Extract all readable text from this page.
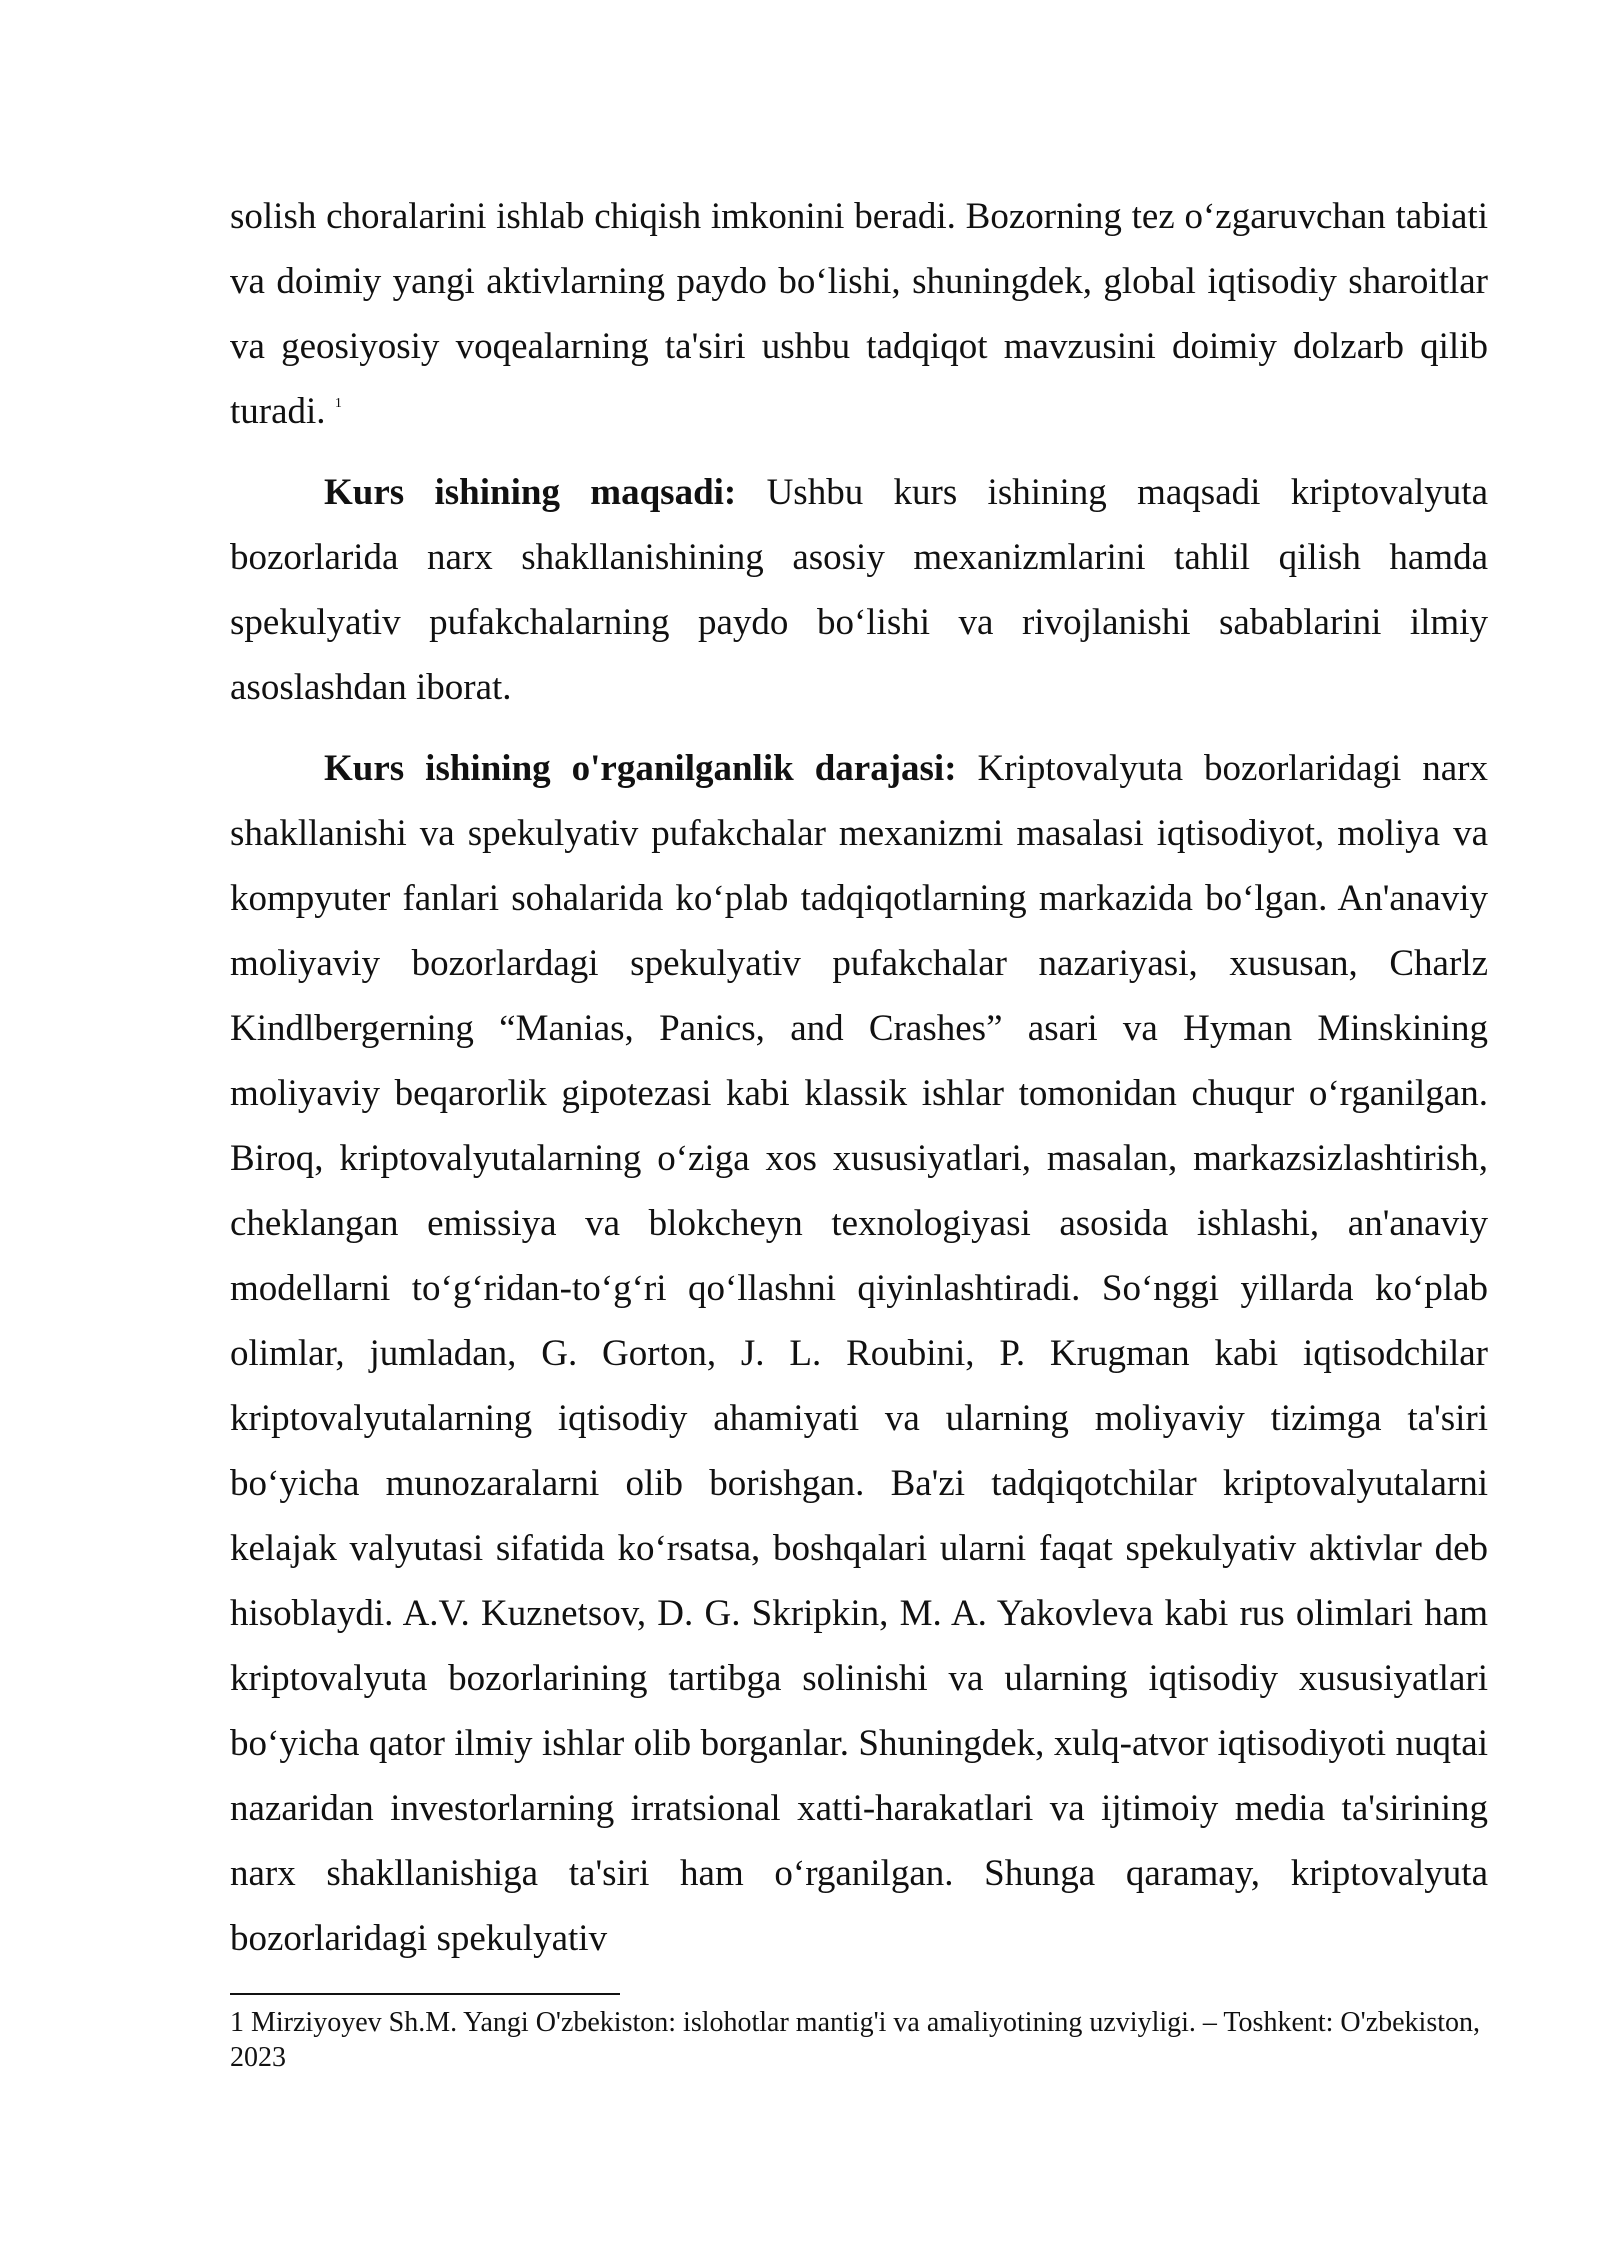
solish choralarini ishlab chiqish imkonini beradi. Bozorning tez o‘zgaruvchan tabiati va doimiy yangi aktivlarning paydo bo‘lishi, shuningdek, global iqtisodiy sharoitlar va geosiyosiy voqealarning ta'siri ushbu tadqiqot mavzusini doimiy dolzarb qilib turadi. $^1$

Kurs ishining maqsadi: Ushbu kurs ishining maqsadi kriptovalyuta bozorlarida narx shakllanishining asosiy mexanizmlarini tahlil qilish hamda spekulyativ pufakchalarning paydo bo‘lishi va rivojlanishi sabablarini ilmiy asoslashdan iborat.

Kurs ishining o'rganilganlik darajasi: Kriptovalyuta bozorlaridagi narx shakllanishi va spekulyativ pufakchalar mexanizmi masalasi iqtisodiyot, moliya va kompyuter fanlari sohalarida ko‘plab tadqiqotlarning markazida bo‘lgan. An'anaviy moliyaviy bozorlardagi spekulyativ pufakchalar nazariyasi, xususan, Charlz Kindlbergerning “Manias, Panics, and Crashes” asari va Hyman Minskining moliyaviy beqarorlik gipotezasi kabi klassik ishlar tomonidan chuqur o‘rganilgan. Biroq, kriptovalyutalarning o‘ziga xos xususiyatlari, masalan, markazsizlashtirish, cheklangan emissiya va blokcheyn texnologiyasi asosida ishlashi, an'anaviy modellarni to‘g‘ridan-to‘g‘ri qo‘llashni qiyinlashtiradi. So‘nggi yillarda ko‘plab olimlar, jumladan, G. Gorton, J. L. Roubini, P. Krugman kabi iqtisodchilar kriptovalyutalarning iqtisodiy ahamiyati va ularning moliyaviy tizimga ta'siri bo‘yicha munozaralarni olib borishgan. Ba'zi tadqiqotchilar kriptovalyutalarni kelajak valyutasi sifatida ko‘rsatsa, boshqalari ularni faqat spekulyativ aktivlar deb hisoblaydi. A.V. Kuznetsov, D. G. Skripkin, M. A. Yakovleva kabi rus olimlari ham kriptovalyuta bozorlarining tartibga solinishi va ularning iqtisodiy xususiyatlari bo‘yicha qator ilmiy ishlar olib borganlar. Shuningdek, xulq-atvor iqtisodiyoti nuqtai nazaridan investorlarning irratsional xatti-harakatlari va ijtimoiy media ta'sirining narx shakllanishiga ta'siri ham o‘rganilgan. Shunga qaramay, kriptovalyuta bozorlaridagi spekulyativ

1 Mirziyoyev Sh.M. Yangi O'zbekiston: islohotlar mantig'i va amaliyotining uzviyligi. – Toshkent: O'zbekiston, 2023
